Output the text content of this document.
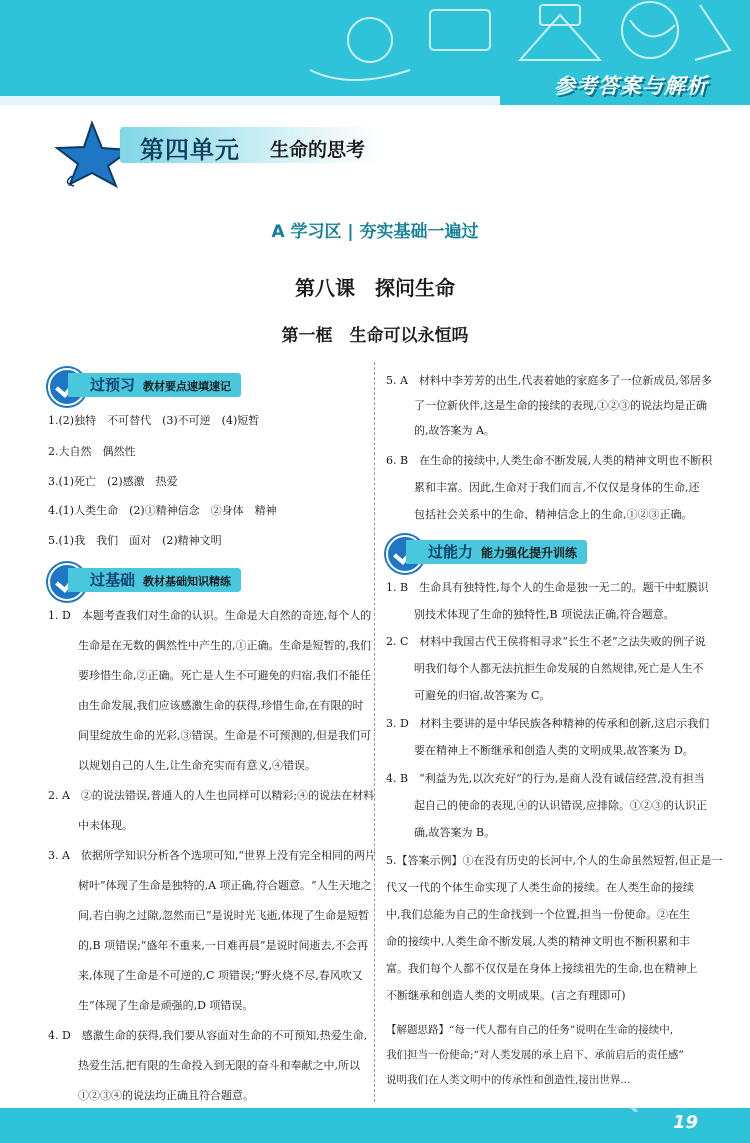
参考答案与解析
第四单元 生命的思考
A 学习区 | 夯实基础一遍过
第八课　探问生命
第一框　生命可以永恒吗
过预习 教材要点速填速记
1.(2)独特　不可替代　(3)不可逆　(4)短暂
2.大自然　偶然性
3.(1)死亡　(2)感激　热爱
4.(1)人类生命　(2)①精神信念　②身体　精神
5.(1)我　我们　面对　(2)精神文明
过基础 教材基础知识精练
1. D　本题考查我们对生命的认识。生命是大自然的奇迹,每个人的
生命是在无数的偶然性中产生的,①正确。生命是短暂的,我们
要珍惜生命,②正确。死亡是人生不可避免的归宿,我们不能任
由生命发展,我们应该感激生命的获得,珍惜生命,在有限的时
间里绽放生命的光彩,③错误。生命是不可预测的,但是我们可
以规划自己的人生,让生命充实而有意义,④错误。
2. A　②的说法错误,普通人的人生也同样可以精彩;④的说法在材料
中未体现。
3. A　依据所学知识分析各个选项可知,“世界上没有完全相同的两片
树叶”体现了生命是独特的,A 项正确,符合题意。“人生天地之
间,若白驹之过隙,忽然而已”是说时光飞逝,体现了生命是短暂
的,B 项错误;“盛年不重来,一日难再晨”是说时间逝去,不会再
来,体现了生命是不可逆的,C 项错误;“野火烧不尽,春风吹又
生”体现了生命是顽强的,D 项错误。
4. D　感激生命的获得,我们要从容面对生命的不可预知,热爱生命,
热爱生活,把有限的生命投入到无限的奋斗和奉献之中,所以
①②③④的说法均正确且符合题意。
5. A　材料中李芳芳的出生,代表着她的家庭多了一位新成员,邻居多
了一位新伙伴,这是生命的接续的表现,①②③的说法均是正确
的,故答案为 A。
6. B　在生命的接续中,人类生命不断发展,人类的精神文明也不断积
累和丰富。因此,生命对于我们而言,不仅仅是身体的生命,还
包括社会关系中的生命、精神信念上的生命,①②③正确。
过能力 能力强化提升训练
1. B　生命具有独特性,每个人的生命是独一无二的。题干中虹膜识
别技术体现了生命的独特性,B 项说法正确,符合题意。
2. C　材料中我国古代王侯将相寻求“长生不老”之法失败的例子说
明我们每个人都无法抗拒生命发展的自然规律,死亡是人生不
可避免的归宿,故答案为 C。
3. D　材料主要讲的是中华民族各种精神的传承和创新,这启示我们
要在精神上不断继承和创造人类的文明成果,故答案为 D。
4. B　“利益为先,以次充好”的行为,是商人没有诚信经营,没有担当
起自己的使命的表现,④的认识错误,应排除。①②③的认识正
确,故答案为 B。
5.【答案示例】①在没有历史的长河中,个人的生命虽然短暂,但正是一
代又一代的个体生命实现了人类生命的接续。在人类生命的接续
中,我们总能为自己的生命找到一个位置,担当一份使命。②在生
命的接续中,人类生命不断发展,人类的精神文明也不断积累和丰
富。我们每个人都不仅仅是在身体上接续祖先的生命,也在精神上
不断继承和创造人类的文明成果。(言之有理即可)
【解题思路】“每一代人都有自己的任务”说明在生命的接续中,
我们担当一份使命;“对人类发展的承上启下、承前启后的责任感”
说明我们在人类文明中的传承性和创造性,接出世界...
MXQE.COM
19
